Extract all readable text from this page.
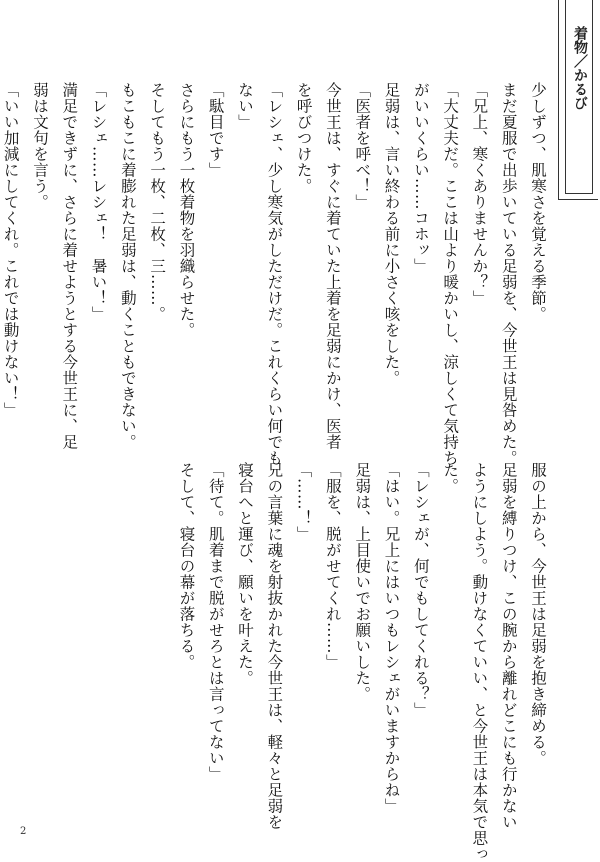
着物／かるび
少しずつ、肌寒さを覚える季節。
まだ夏服で出歩いている足弱を、今世王は見咎めた。
「兄上、寒くありませんか？」
「大丈夫だ。ここは山より暖かいし、涼しくて気持ち
がいいくらい……コホッ」
足弱は、言い終わる前に小さく咳をした。
「医者を呼べ！」
今世王は、すぐに着ていた上着を足弱にかけ、医者
を呼びつけた。
「レシェ、少し寒気がしただけだ。これくらい何でも
ない」
「駄目です」
さらにもう一枚着物を羽織らせた。
そしてもう一枚、二枚、三……。
もこもこに着膨れた足弱は、動くこともできない。
「レシェ……レシェ！　暑い！」
満足できずに、さらに着せようとする今世王に、足
弱は文句を言う。
「いい加減にしてくれ。これでは動けない！」
服の上から、今世王は足弱を抱き締める。
足弱を縛りつけ、この腕から離れどこにも行かない
ようにしよう。動けなくていい、と今世王は本気で思っ
た。
「レシェが、何でもしてくれる？」
「はい。兄上にはいつもレシェがいますからね」
足弱は、上目使いでお願いした。
「服を、脱がせてくれ……」
「……！」
兄の言葉に魂を射抜かれた今世王は、軽々と足弱を
寝台へと運び、願いを叶えた。
「待て。肌着まで脱がせろとは言ってない」
そして、寝台の幕が落ちる。
2
